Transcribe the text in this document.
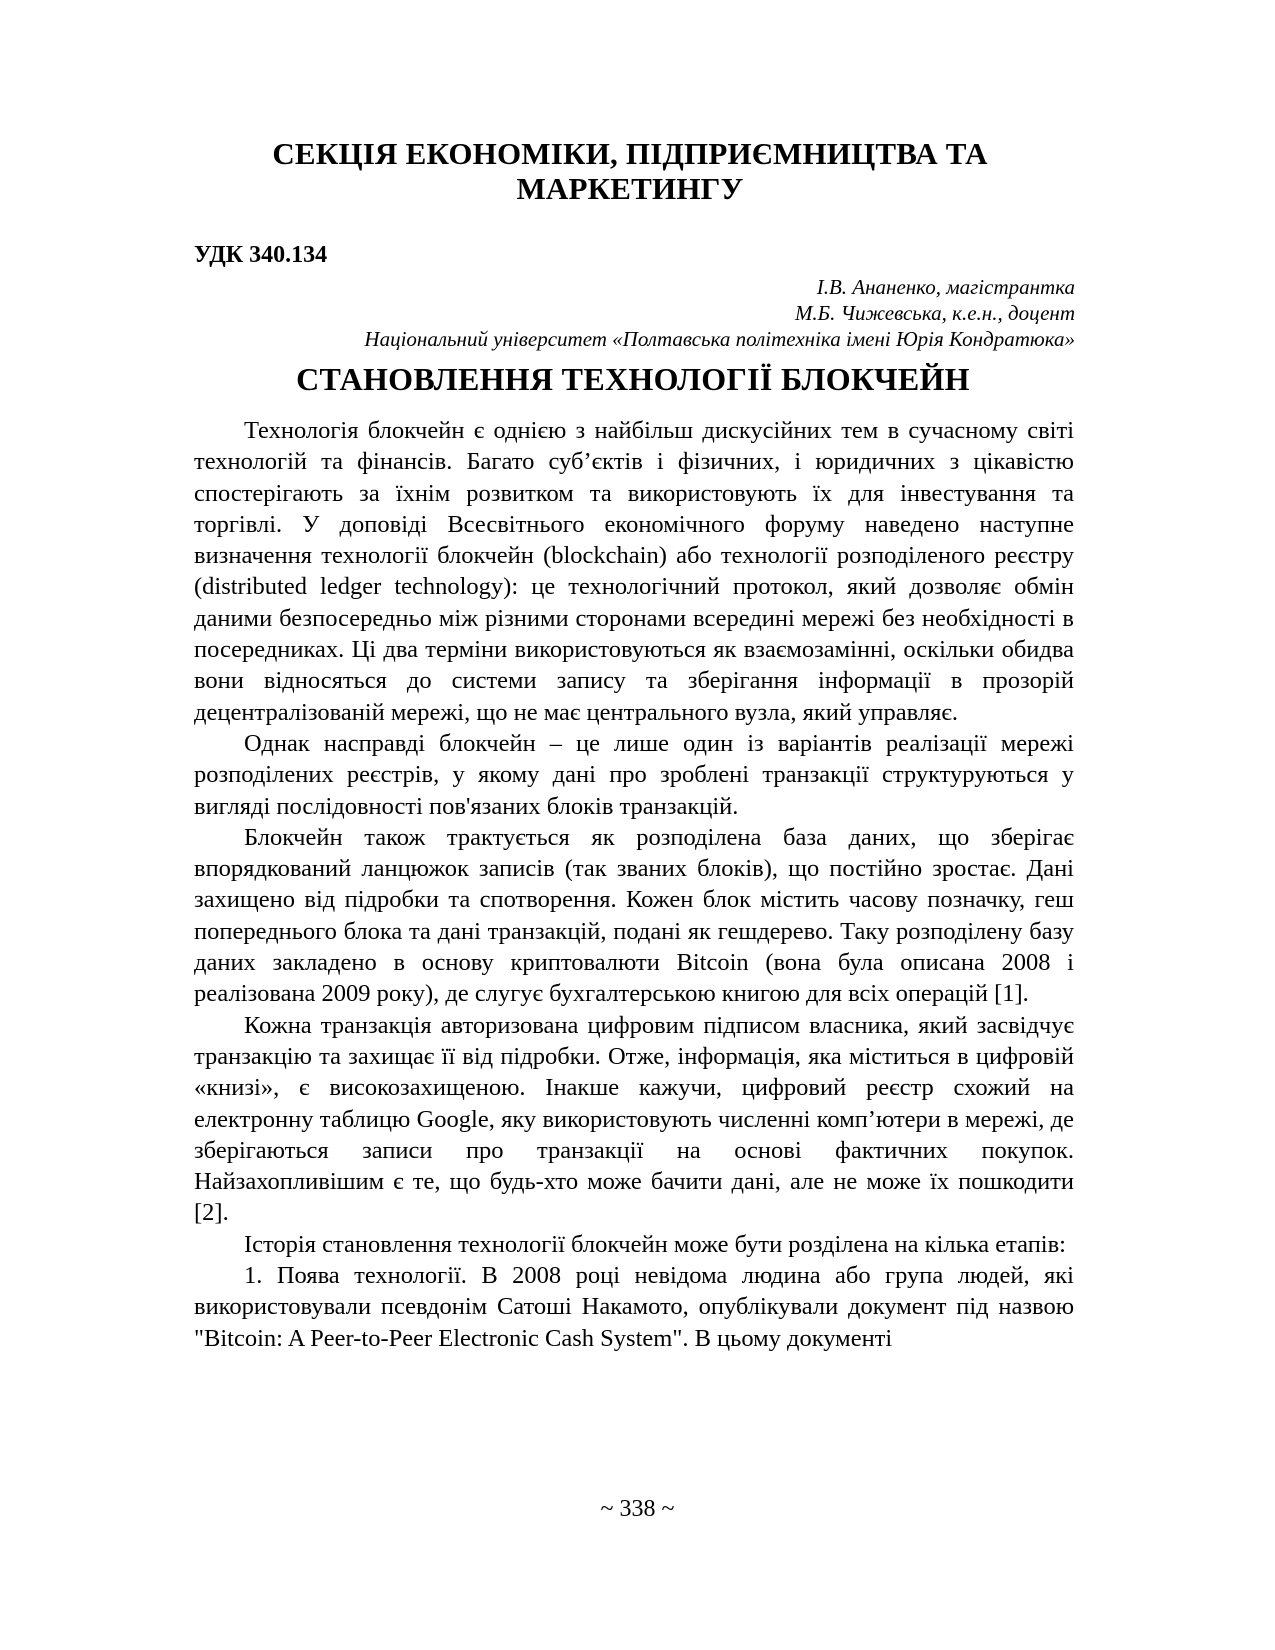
СЕКЦІЯ ЕКОНОМІКИ, ПІДПРИЄМНИЦТВА ТА
МАРКЕТИНГУ
УДК 340.134
І.В. Ананенко, магістрантка
М.Б. Чижевська, к.е.н., доцент
Національний університет «Полтавська політехніка імені Юрія Кондратюка»
СТАНОВЛЕННЯ ТЕХНОЛОГІЇ БЛОКЧЕЙН

Технологія блокчейн є однією з найбільш дискусійних тем в сучасному світі технологій та фінансів. Багато суб’єктів і фізичних, і юридичних з цікавістю спостерігають за їхнім розвитком та використовують їх для інвестування та торгівлі. У доповіді Всесвітнього економічного форуму наведено наступне визначення технології блокчейн (blockchain) або технології розподіленого реєстру (distributed ledger technology): це технологічний протокол, який дозволяє обмін даними безпосередньо між різними сторонами всередині мережі без необхідності в посередниках. Ці два терміни використовуються як взаємозамінні, оскільки обидва вони відносяться до системи запису та зберігання інформації в прозорій децентралізованій мережі, що не має центрального вузла, який управляє.

Однак насправді блокчейн – це лише один із варіантів реалізації мережі розподілених реєстрів, у якому дані про зроблені транзакції структуруються у вигляді послідовності пов'язаних блоків транзакцій.

Блокчейн також трактується як розподілена база даних, що зберігає впорядкований ланцюжок записів (так званих блоків), що постійно зростає. Дані захищено від підробки та спотворення. Кожен блок містить часову позначку, геш попереднього блока та дані транзакцій, подані як гешдерево. Таку розподілену базу даних закладено в основу криптовалюти Bitcoin (вона була описана 2008 і реалізована 2009 року), де слугує бухгалтерською книгою для всіх операцій [1].

Кожна транзакція авторизована цифровим підписом власника, який засвідчує транзакцію та захищає її від підробки. Отже, інформація, яка міститься в цифровій «книзі», є високозахищеною. Інакше кажучи, цифровий реєстр схожий на електронну таблицю Google, яку використовують численні комп’ютери в мережі, де зберігаються записи про транзакції на основі фактичних покупок. Найзахопливішим є те, що будь-хто може бачити дані, але не може їх пошкодити [2].

Історія становлення технології блокчейн може бути розділена на кілька етапів:

1. Поява технології. В 2008 році невідома людина або група людей, які використовували псевдонім Сатоші Накамото, опублікували документ під назвою "Bitcoin: A Peer-to-Peer Electronic Cash System". В цьому документі

~ 338 ~
